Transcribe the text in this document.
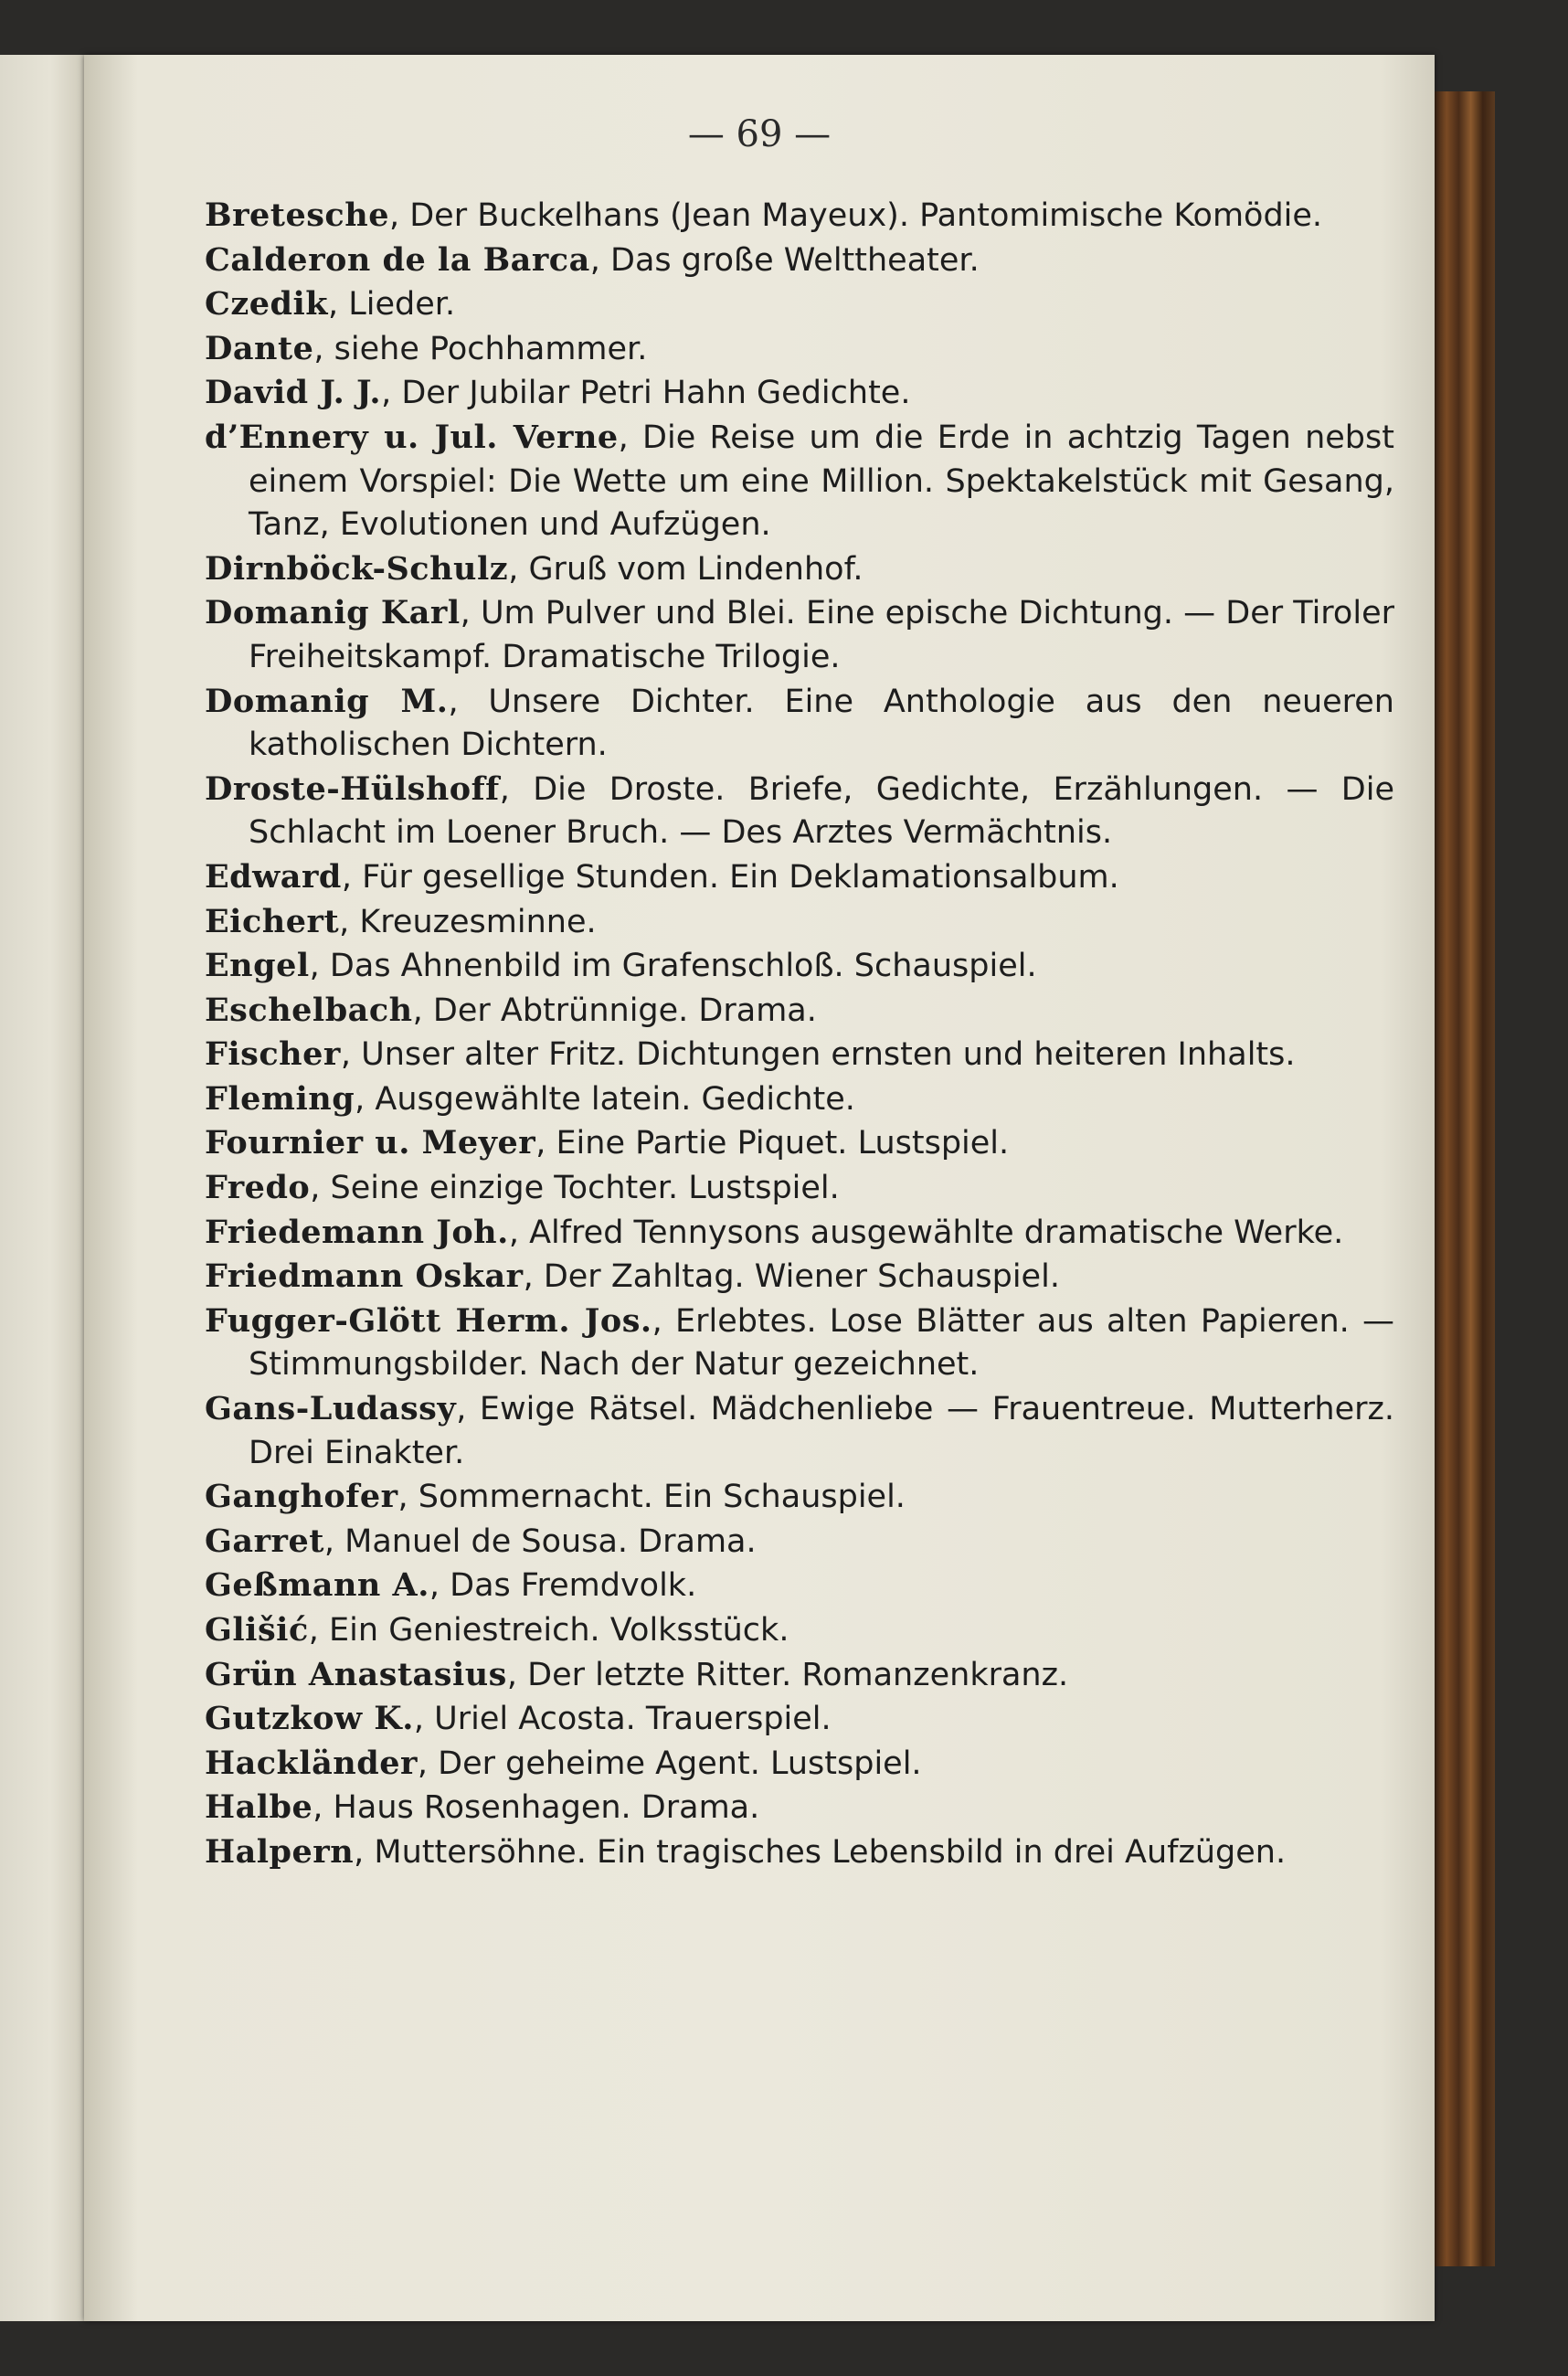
— 69 —
Bretesche, Der Buckelhans (Jean Mayeux). Pantomimische Komödie.
Calderon de la Barca, Das große Welttheater.
Czedik, Lieder.
Dante, siehe Pochhammer.
David J. J., Der Jubilar Petri Hahn Gedichte.
d’Ennery u. Jul. Verne, Die Reise um die Erde in achtzig Tagen nebst einem Vorspiel: Die Wette um eine Million. Spektakelstück mit Gesang, Tanz, Evolutionen und Aufzügen.
Dirnböck-Schulz, Gruß vom Lindenhof.
Domanig Karl, Um Pulver und Blei. Eine epische Dichtung. — Der Tiroler Freiheitskampf. Dramatische Trilogie.
Domanig M., Unsere Dichter. Eine Anthologie aus den neueren katholischen Dichtern.
Droste-Hülshoff, Die Droste. Briefe, Gedichte, Erzählungen. — Die Schlacht im Loener Bruch. — Des Arztes Vermächtnis.
Edward, Für gesellige Stunden. Ein Deklamationsalbum.
Eichert, Kreuzesminne.
Engel, Das Ahnenbild im Grafenschloß. Schauspiel.
Eschelbach, Der Abtrünnige. Drama.
Fischer, Unser alter Fritz. Dichtungen ernsten und heiteren Inhalts.
Fleming, Ausgewählte latein. Gedichte.
Fournier u. Meyer, Eine Partie Piquet. Lustspiel.
Fredo, Seine einzige Tochter. Lustspiel.
Friedemann Joh., Alfred Tennysons ausgewählte dramatische Werke.
Friedmann Oskar, Der Zahltag. Wiener Schauspiel.
Fugger-Glött Herm. Jos., Erlebtes. Lose Blätter aus alten Papieren. — Stimmungsbilder. Nach der Natur gezeichnet.
Gans-Ludassy, Ewige Rätsel. Mädchenliebe — Frauentreue. Mutterherz. Drei Einakter.
Ganghofer, Sommernacht. Ein Schauspiel.
Garret, Manuel de Sousa. Drama.
Geßmann A., Das Fremdvolk.
Glišić, Ein Geniestreich. Volksstück.
Grün Anastasius, Der letzte Ritter. Romanzenkranz.
Gutzkow K., Uriel Acosta. Trauerspiel.
Hackländer, Der geheime Agent. Lustspiel.
Halbe, Haus Rosenhagen. Drama.
Halpern, Muttersöhne. Ein tragisches Lebensbild in drei Aufzügen.
